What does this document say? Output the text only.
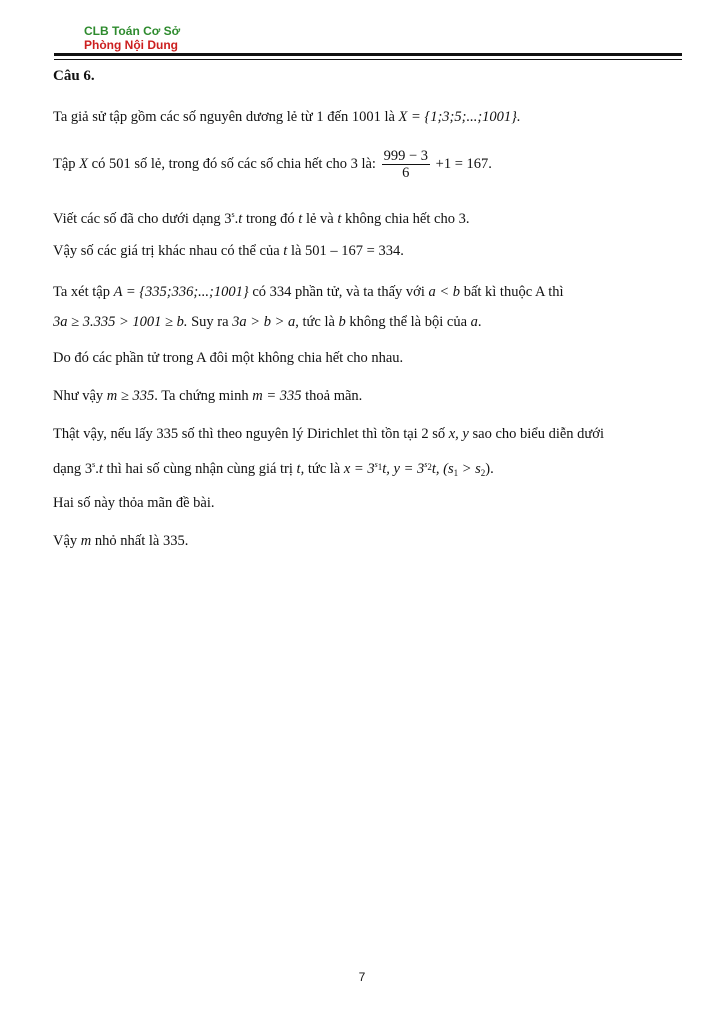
CLB Toán Cơ Sở
Phòng Nội Dung
Câu 6.
Ta giả sử tập gồm các số nguyên dương lẻ từ 1 đến 1001 là X = {1;3;5;...;1001}.
Tập X có 501 số lẻ, trong đó số các số chia hết cho 3 là: $\frac{999 - 3}{6} +1 = 167$.
Viết các số đã cho dưới dạng 3$^s$.t trong đó t lẻ và t không chia hết cho 3.
Vậy số các giá trị khác nhau có thể của t là 501 – 167 = 334.
Ta xét tập A = {335;336;...;1001} có 334 phần tử, và ta thấy với a < b bất kì thuộc A thì
3a ≥ 3.335 > 1001 ≥ b. Suy ra 3a > b > a, tức là b không thể là bội của a.
Do đó các phần tử trong A đôi một không chia hết cho nhau.
Như vậy m ≥ 335. Ta chứng minh m = 335 thoả mãn.
Thật vậy, nếu lấy 335 số thì theo nguyên lý Dirichlet thì tồn tại 2 số x, y sao cho biểu diễn dưới
dạng 3$^s$.t thì hai số cùng nhận cùng giá trị t, tức là $x = 3^{s_1}t$, $y = 3^{s_2}t$, $(s_1 > s_2)$.
Hai số này thỏa mãn đề bài.
Vậy m nhỏ nhất là 335.
7
